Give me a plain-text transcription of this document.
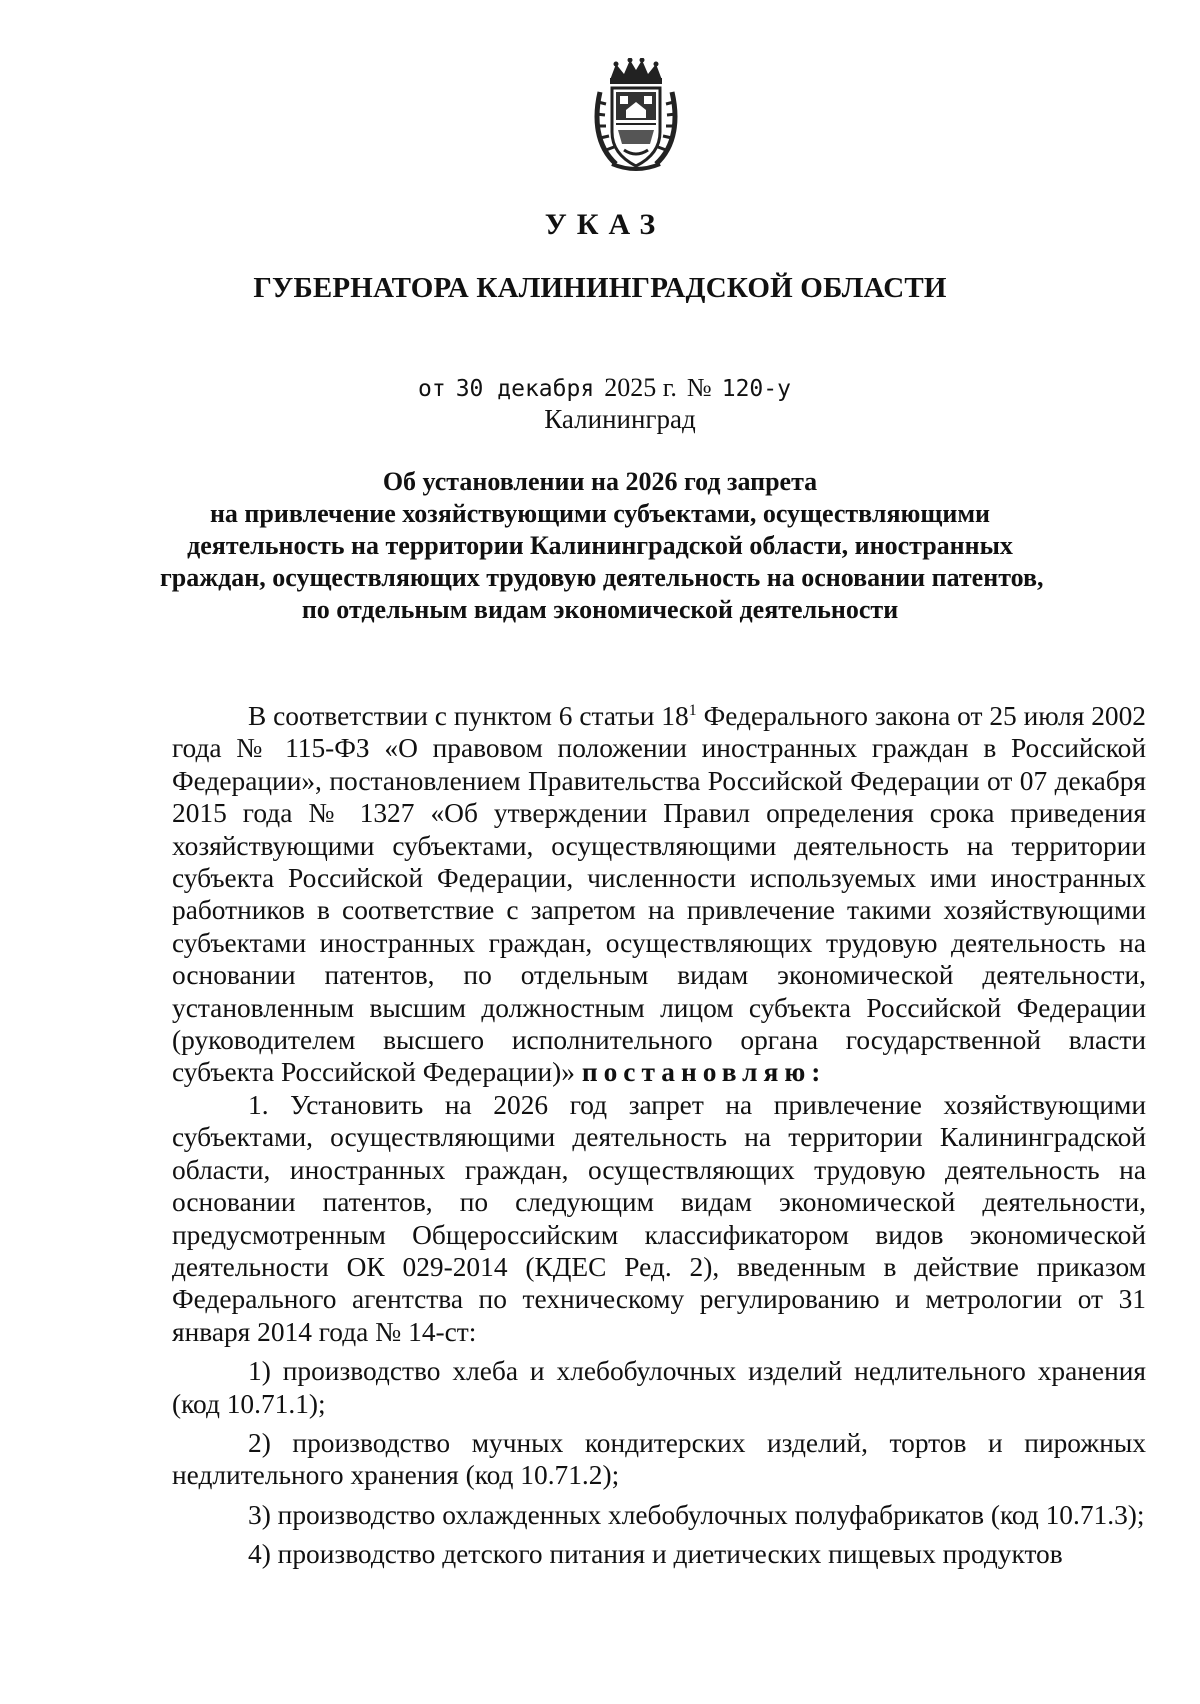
УКАЗ
ГУБЕРНАТОРА КАЛИНИНГРАДСКОЙ ОБЛАСТИ
от 30 декабря 2025 г. № 120-у
Калининград
Об установлении на 2026 год запрета
на привлечение хозяйствующими субъектами, осуществляющими
деятельность на территории Калининградской области, иностранных
граждан, осуществляющих трудовую деятельность на основании патентов,
по отдельным видам экономической деятельности

В соответствии с пунктом 6 статьи $18^1$ Федерального закона от 25 июля 2002 года № 115-ФЗ «О правовом положении иностранных граждан в Российской Федерации», постановлением Правительства Российской Федерации от 07 декабря 2015 года № 1327 «Об утверждении Правил определения срока приведения хозяйствующими субъектами, осуществляющими деятельность на территории субъекта Российской Федерации, численности используемых ими иностранных работников в соответствие с запретом на привлечение такими хозяйствующими субъектами иностранных граждан, осуществляющих трудовую деятельность на основании патентов, по отдельным видам экономической деятельности, установленным высшим должностным лицом субъекта Российской Федерации (руководителем высшего исполнительного органа государственной власти субъекта Российской Федерации)» постановляю:

1. Установить на 2026 год запрет на привлечение хозяйствующими субъектами, осуществляющими деятельность на территории Калининградской области, иностранных граждан, осуществляющих трудовую деятельность на основании патентов, по следующим видам экономической деятельности, предусмотренным Общероссийским классификатором видов экономической деятельности ОК 029-2014 (КДЕС Ред. 2), введенным в действие приказом Федерального агентства по техническому регулированию и метрологии от 31 января 2014 года № 14-ст:

1) производство хлеба и хлебобулочных изделий недлительного хранения (код 10.71.1);

2) производство мучных кондитерских изделий, тортов и пирожных недлительного хранения (код 10.71.2);

3) производство охлажденных хлебобулочных полуфабрикатов (код 10.71.3);

4) производство детского питания и диетических пищевых продуктов
